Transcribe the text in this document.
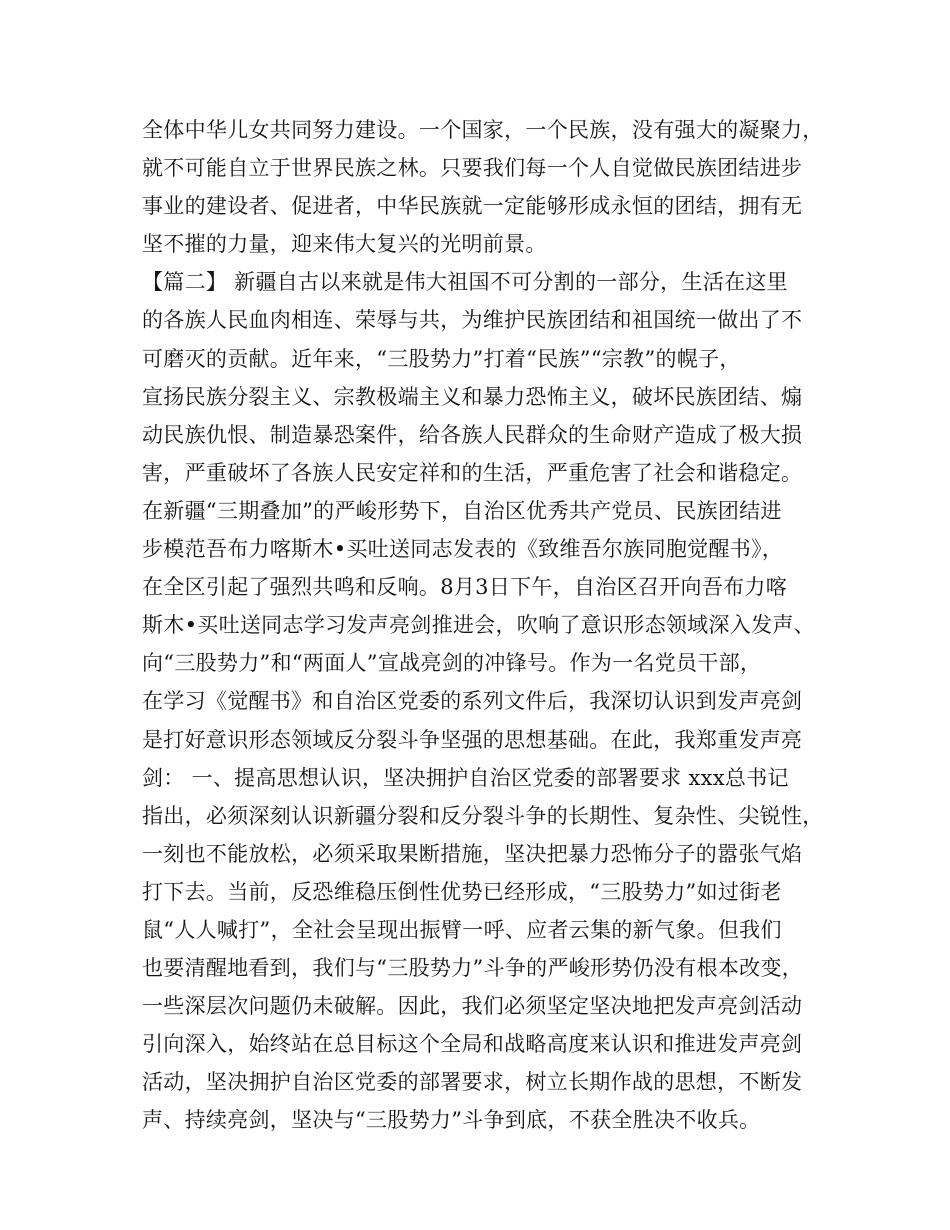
全体中华儿女共同努力建设。一个国家，一个民族，没有强大的凝聚力，
就不可能自立于世界民族之林。只要我们每一个人自觉做民族团结进步
事业的建设者、促进者，中华民族就一定能够形成永恒的团结，拥有无
坚不摧的力量，迎来伟大复兴的光明前景。
【篇二】 新疆自古以来就是伟大祖国不可分割的一部分，生活在这里
的各族人民血肉相连、荣辱与共，为维护民族团结和祖国统一做出了不
可磨灭的贡献。近年来，“三股势力”打着“民族”“宗教”的幌子，
宣扬民族分裂主义、宗教极端主义和暴力恐怖主义，破坏民族团结、煽
动民族仇恨、制造暴恐案件，给各族人民群众的生命财产造成了极大损
害，严重破坏了各族人民安定祥和的生活，严重危害了社会和谐稳定。
在新疆“三期叠加”的严峻形势下，自治区优秀共产党员、民族团结进
步模范吾布力喀斯木•买吐送同志发表的《致维吾尔族同胞觉醒书》，
在全区引起了强烈共鸣和反响。8月3日下午，自治区召开向吾布力喀
斯木•买吐送同志学习发声亮剑推进会，吹响了意识形态领域深入发声、
向“三股势力”和“两面人”宣战亮剑的冲锋号。作为一名党员干部，
在学习《觉醒书》和自治区党委的系列文件后，我深切认识到发声亮剑
是打好意识形态领域反分裂斗争坚强的思想基础。在此，我郑重发声亮
剑： 一、提高思想认识，坚决拥护自治区党委的部署要求 xxx总书记
指出，必须深刻认识新疆分裂和反分裂斗争的长期性、复杂性、尖锐性，
一刻也不能放松，必须采取果断措施，坚决把暴力恐怖分子的嚣张气焰
打下去。当前，反恐维稳压倒性优势已经形成，“三股势力”如过街老
鼠“人人喊打”，全社会呈现出振臂一呼、应者云集的新气象。但我们
也要清醒地看到，我们与“三股势力”斗争的严峻形势仍没有根本改变，
一些深层次问题仍未破解。因此，我们必须坚定坚决地把发声亮剑活动
引向深入，始终站在总目标这个全局和战略高度来认识和推进发声亮剑
活动，坚决拥护自治区党委的部署要求，树立长期作战的思想，不断发
声、持续亮剑，坚决与“三股势力”斗争到底，不获全胜决不收兵。
